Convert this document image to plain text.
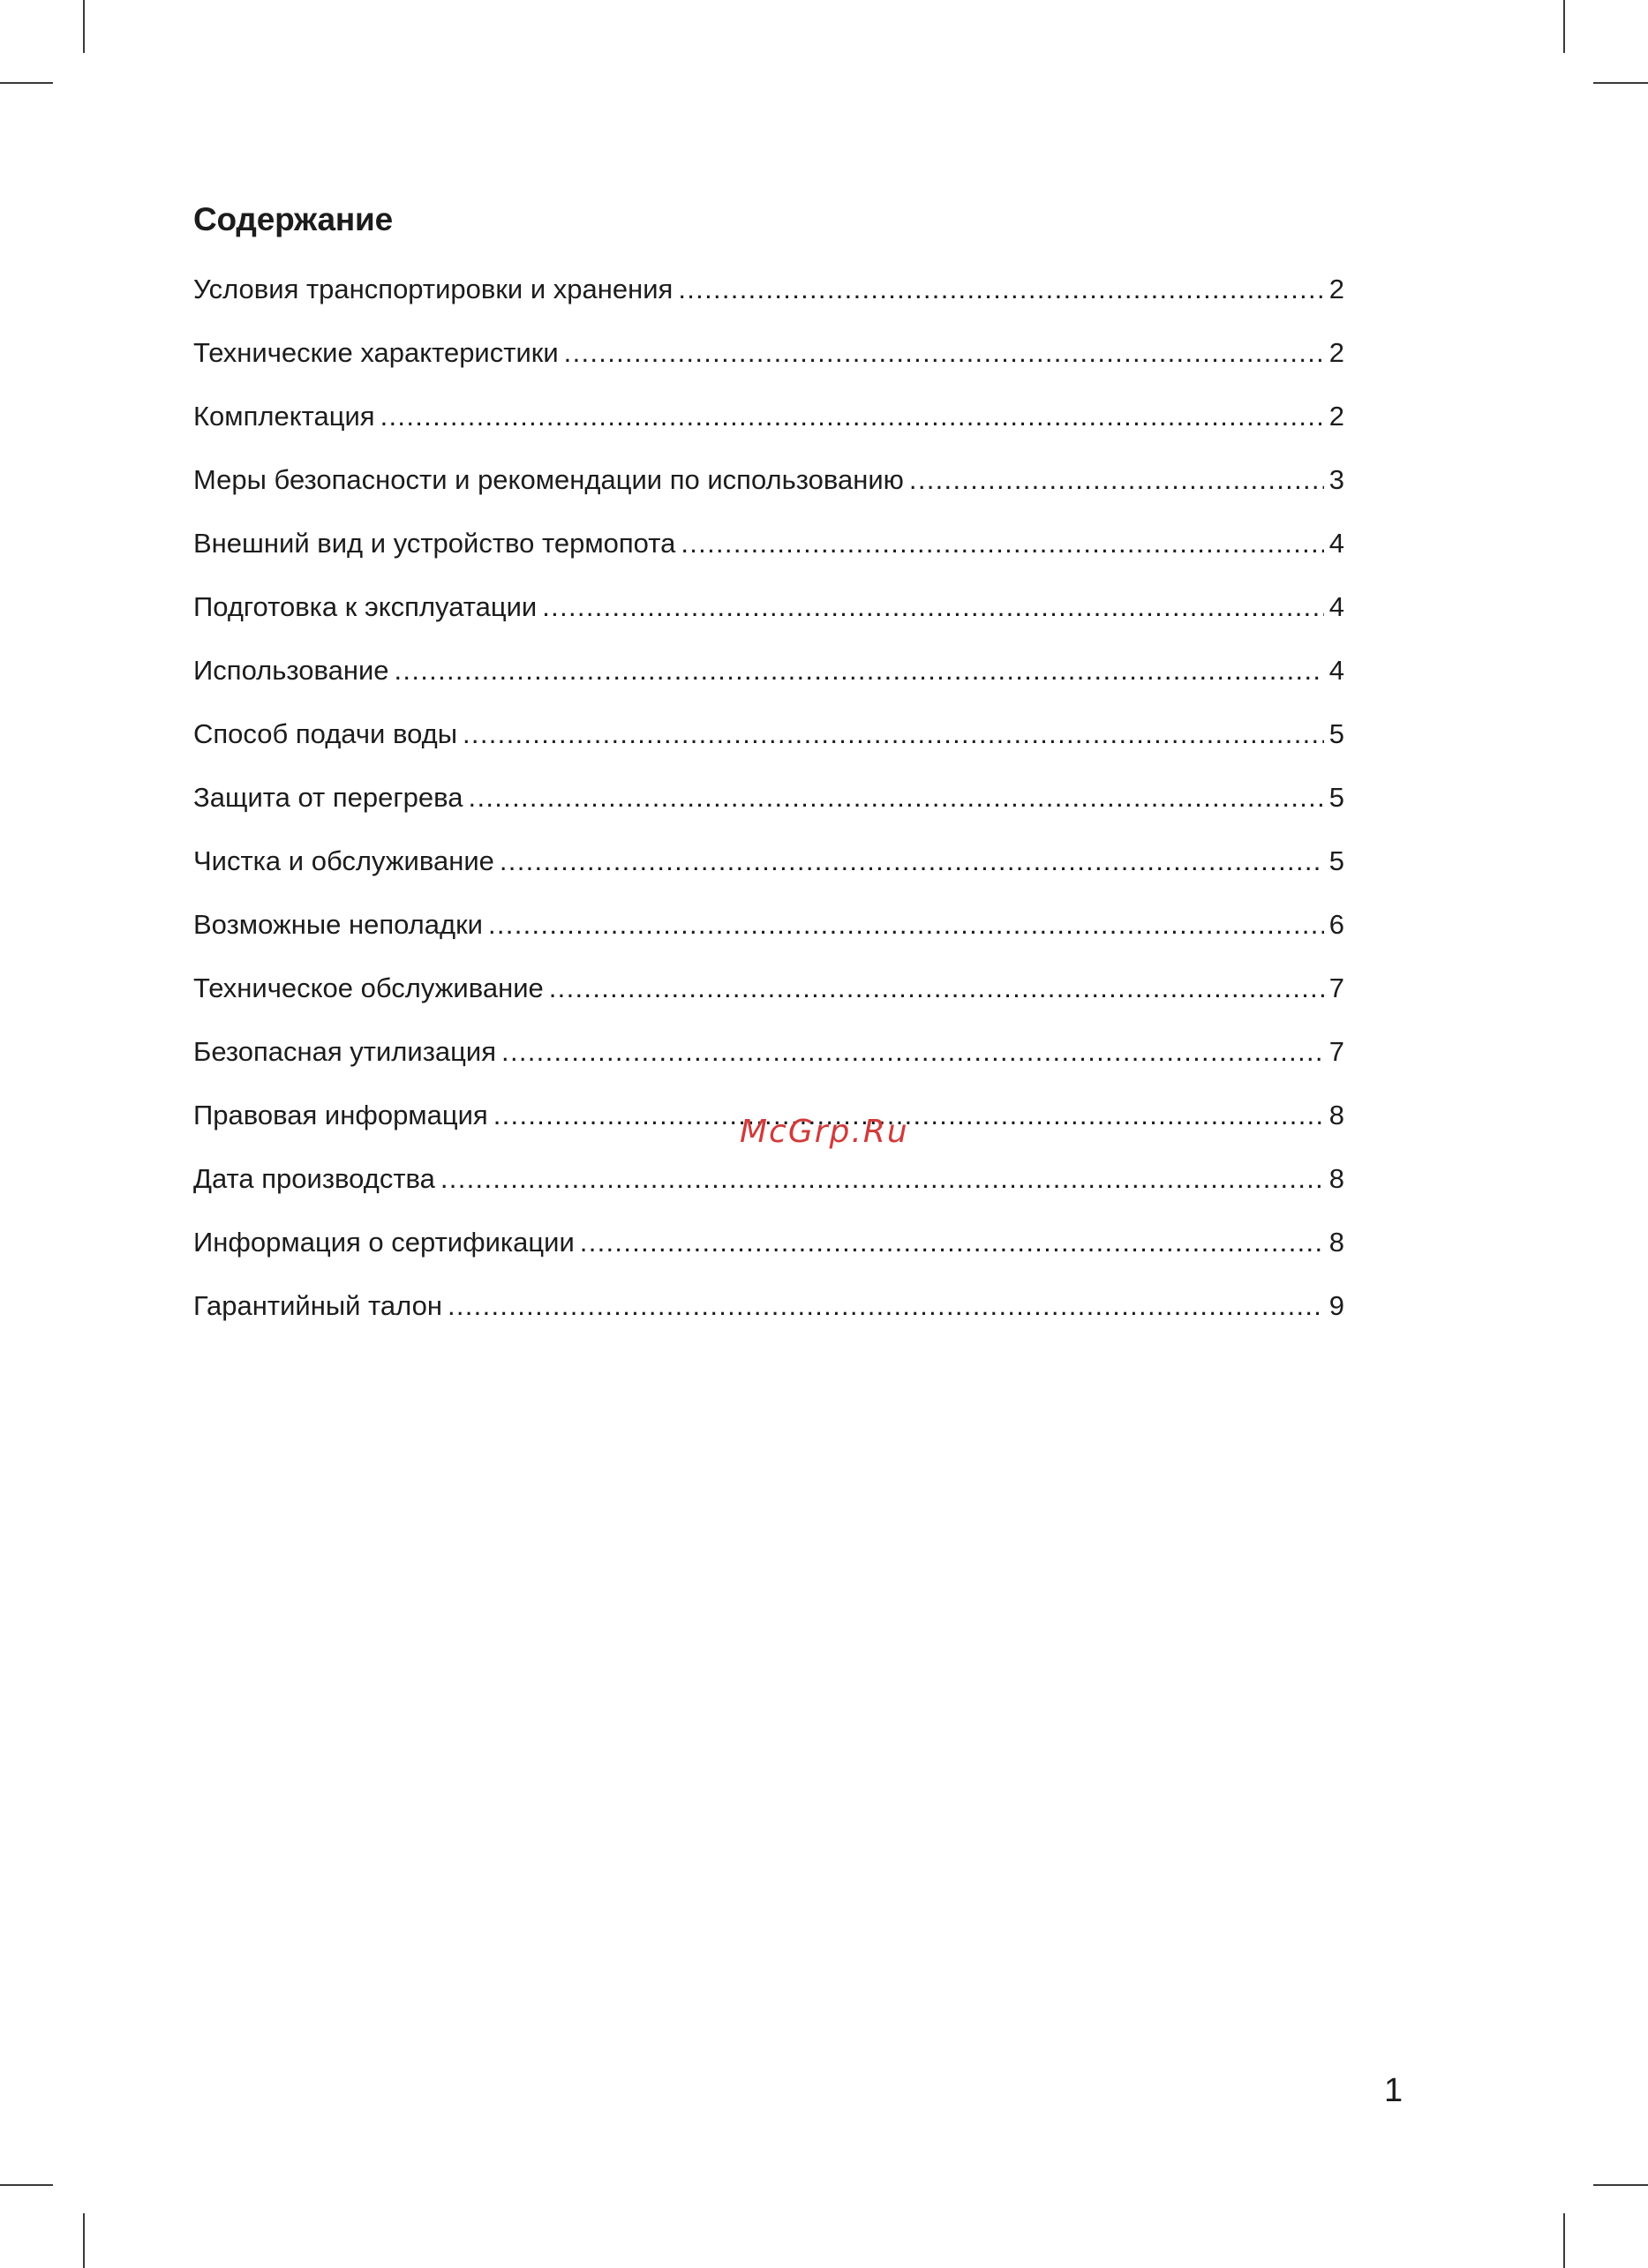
Содержание
Условия транспортировки и хранения .....	2
Технические характеристики .....	2
Комплектация .....	2
Меры безопасности и рекомендации по использованию .....	3
Внешний вид и устройство термопота .....	4
Подготовка к эксплуатации .....	4
Использование .....	4
Способ подачи воды .....	5
Защита от перегрева .....	5
Чистка и обслуживание .....	5
Возможные неполадки .....	6
Техническое обслуживание .....	7
Безопасная утилизация .....	7
Правовая информация .....	8
Дата производства .....	8
Информация о сертификации .....	8
Гарантийный талон .....	9
McGrp.Ru
1
